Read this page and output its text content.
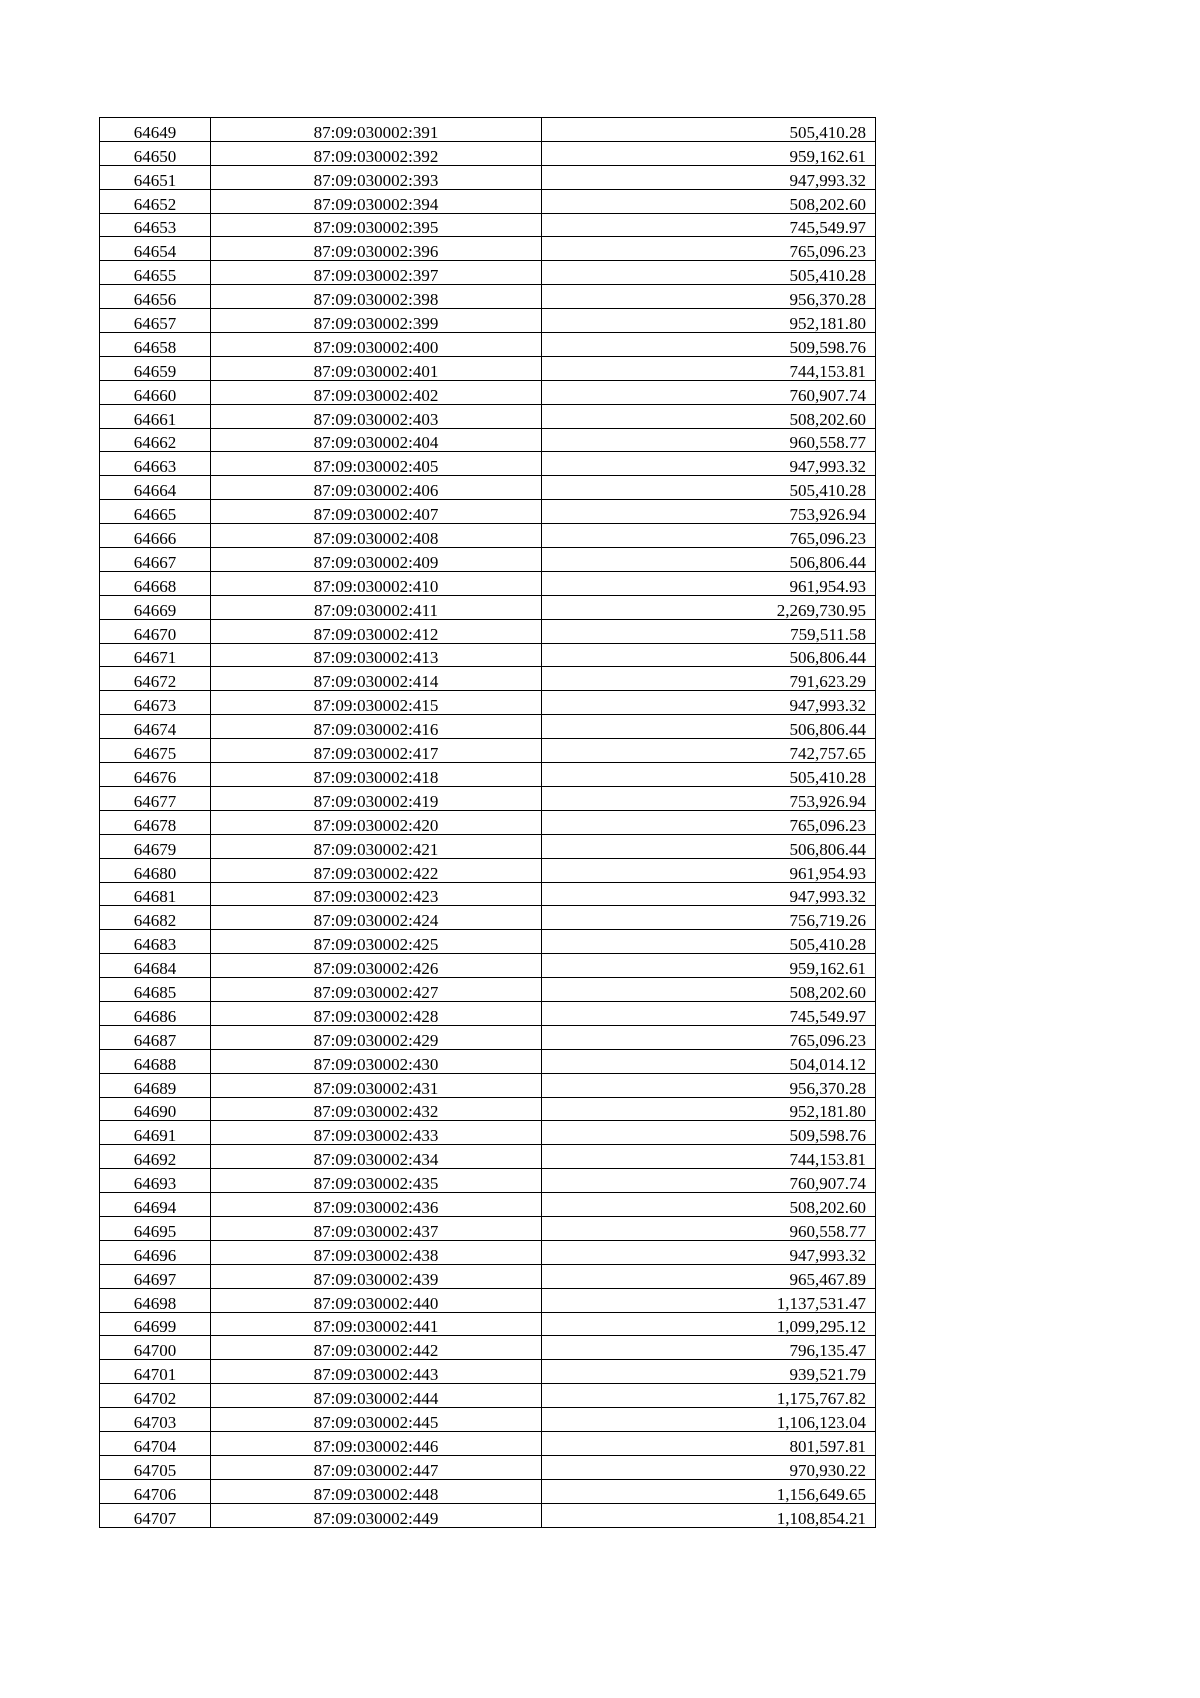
64649	87:09:030002:391	505,410.28
64650	87:09:030002:392	959,162.61
64651	87:09:030002:393	947,993.32
64652	87:09:030002:394	508,202.60
64653	87:09:030002:395	745,549.97
64654	87:09:030002:396	765,096.23
64655	87:09:030002:397	505,410.28
64656	87:09:030002:398	956,370.28
64657	87:09:030002:399	952,181.80
64658	87:09:030002:400	509,598.76
64659	87:09:030002:401	744,153.81
64660	87:09:030002:402	760,907.74
64661	87:09:030002:403	508,202.60
64662	87:09:030002:404	960,558.77
64663	87:09:030002:405	947,993.32
64664	87:09:030002:406	505,410.28
64665	87:09:030002:407	753,926.94
64666	87:09:030002:408	765,096.23
64667	87:09:030002:409	506,806.44
64668	87:09:030002:410	961,954.93
64669	87:09:030002:411	2,269,730.95
64670	87:09:030002:412	759,511.58
64671	87:09:030002:413	506,806.44
64672	87:09:030002:414	791,623.29
64673	87:09:030002:415	947,993.32
64674	87:09:030002:416	506,806.44
64675	87:09:030002:417	742,757.65
64676	87:09:030002:418	505,410.28
64677	87:09:030002:419	753,926.94
64678	87:09:030002:420	765,096.23
64679	87:09:030002:421	506,806.44
64680	87:09:030002:422	961,954.93
64681	87:09:030002:423	947,993.32
64682	87:09:030002:424	756,719.26
64683	87:09:030002:425	505,410.28
64684	87:09:030002:426	959,162.61
64685	87:09:030002:427	508,202.60
64686	87:09:030002:428	745,549.97
64687	87:09:030002:429	765,096.23
64688	87:09:030002:430	504,014.12
64689	87:09:030002:431	956,370.28
64690	87:09:030002:432	952,181.80
64691	87:09:030002:433	509,598.76
64692	87:09:030002:434	744,153.81
64693	87:09:030002:435	760,907.74
64694	87:09:030002:436	508,202.60
64695	87:09:030002:437	960,558.77
64696	87:09:030002:438	947,993.32
64697	87:09:030002:439	965,467.89
64698	87:09:030002:440	1,137,531.47
64699	87:09:030002:441	1,099,295.12
64700	87:09:030002:442	796,135.47
64701	87:09:030002:443	939,521.79
64702	87:09:030002:444	1,175,767.82
64703	87:09:030002:445	1,106,123.04
64704	87:09:030002:446	801,597.81
64705	87:09:030002:447	970,930.22
64706	87:09:030002:448	1,156,649.65
64707	87:09:030002:449	1,108,854.21
